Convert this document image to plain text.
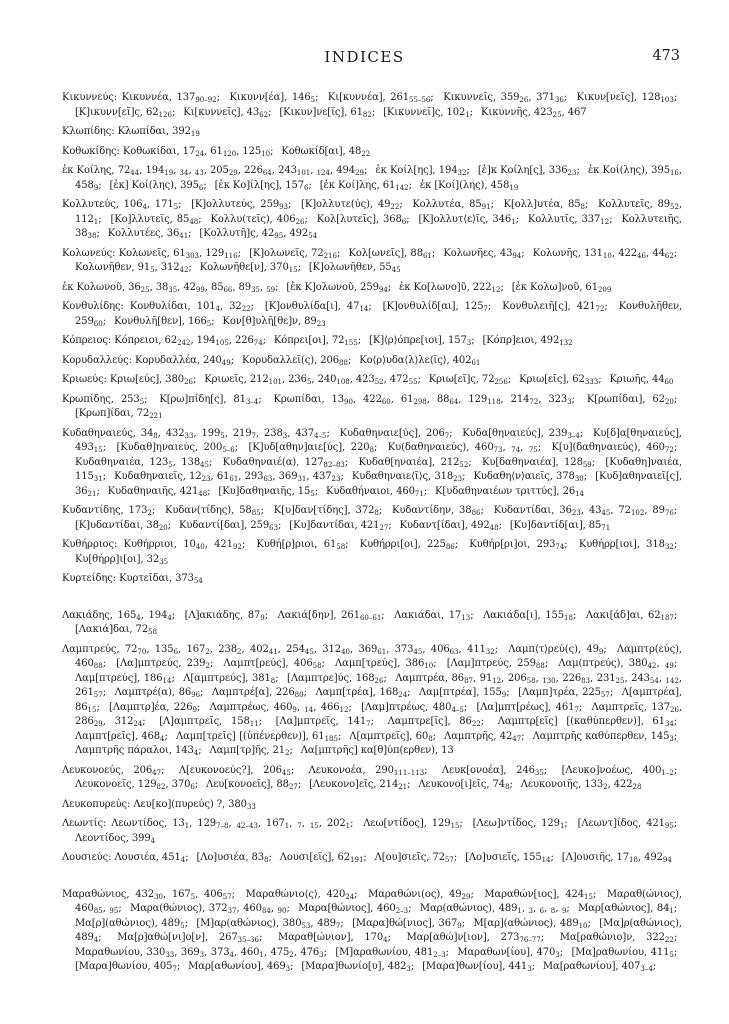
INDICES	473

Κικυννεύς: Κικυννέα, $137_{90-92}$;  Κικυνν[έα], $146_5$;  Κι[κυννέα], $261_{55-56}$;  Κικυννεῖς, $359_{26}$, $371_{36}$;  Κικυν[νεῖς], $128_{103}$;  [Κ]ικυνν[εῖ]ς, $62_{126}$;  Κι[κυννεῖς], $43_{62}$;  [Κικυν]νε[ῖς], $61_{82}$;  [Κικυννεῖ]ς, $102_1$;  Κικυννῆς, $423_{25}$, 467

Κλωπίδης: Κλωπίδαι, $392_{19}$

Κοθωκίδης: Κοθωκίδαι, $17_{24}$, $61_{120}$, $125_{10}$;  Κοθωκίδ[αι], $48_{22}$

ἐκ Κοίλης, $72_{44}$, $194_{19}$, $_{34}$, $_{43}$, $205_{29}$, $226_{64}$, $243_{101}$, $_{124}$, $494_{29}$;  ἐκ Κοίλ[ης], $194_{32}$;  [ἐ]κ Κοίλη[ς], $336_{23}$;  ἐκ Κοί(λης), $395_{16}$, $458_9$;  [ἐκ] Κοί(λης), $395_6$;  [ἐκ Κο]ίλ[ης], $157_6$;  [ἐκ Κοί]λης, $61_{142}$;  ἐκ [Κοί](λης), $458_{19}$

Κολλυτεύς, $106_4$, $171_5$;  [Κ]ολλυτεύς, $259_{93}$;  [Κ]ολλυτε(ύς), $49_{22}$;  Κολλυτέα, $85_{91}$;  Κ[ολλ]υτέα, $85_8$;  Κολλυτεῖς, $89_{52}$, $112_1$;  [Κο]λλυτεῖς, $85_{48}$;  Κολλυ(τεῖς), $406_{26}$;  Κολ[λυτεῖς], $368_6$;  [Κ]ολλυτ⟨ε⟩ῖς, $346_1$;  Κολλυτῖς, $337_{12}$;  Κολλυτειῆς, $38_{38}$;  Κολλυτέες, $36_{41}$;  [Κολλυτῆ]ς, $42_{95}$, $492_{54}$

Κολωνεύς: Κολωνεῖς, $61_{303}$, $129_{116}$;  [Κ]ολωνεῖς, $72_{216}$;  Κολ[ωνεῖς], $88_{61}$;  Κολωνῆες, $43_{94}$;  Κολωνῆς, $131_{10}$, $422_{46}$, $44_{62}$;  Κολωνῆθεν, $91_5$, $312_{42}$;  Κολωνῆθε[ν], $370_{15}$;  [Κ]ολωνῆθεν, $55_{45}$

ἐκ Κολωνοῦ, $36_{25}$, $38_{35}$, $42_{99}$, $85_{66}$, $89_{35}$, $_{59}$;  [ἐκ Κ]ολωνοῦ, $259_{94}$;  ἐκ Κο[λωνο]ῦ, $222_{12}$;  [ἐκ Κολω]νοῦ, $61_{209}$

Κονθυλίδης: Κονθυλίδαι, $101_4$, $32_{22}$;  [Κ]ονθυλίδα[ι], $47_{14}$;  [Κ]ονθυλίδ[αι], $125_7$;  Κονθυλειῆ[ς], $421_{72}$;  Κονθυλῆθεν, $259_{60}$;  Κονθυλῆ[θεν], $166_5$;  Κον[θ]υλῆ[θε]ν, $89_{23}$

Κόπρειος: Κόπρειοι, $62_{242}$, $194_{105}$, $226_{74}$;  Κόπρει[οι], $72_{155}$;  [Κ]⟨ρ⟩όπρε[ιοι], $157_3$;  [Κόπρ]ειοι, $492_{132}$

Κορυδαλλεύς: Κορυδαλλέα, $240_{49}$;  Κορυδαλλεῖ(ς), $206_{88}$;  Κο⟨ρ⟩υδα⟨λ⟩λε⟨ῖς⟩, $402_{61}$

Κριωεύς: Κριω[εύς], $380_{26}$;  Κριωεῖς, $212_{101}$, $236_5$, $240_{108}$, $423_{52}$, $472_{55}$;  Κριω[εῖ]ς, $72_{256}$;  Κριω[εῖς], $62_{333}$;  Κριωῆς, $44_{60}$

Κρωπίδης, $253_5$;  Κ[ρω]πίδη[ς], $81_{3-4}$;  Κρωπίδαι, $13_{90}$, $422_{60}$, $61_{298}$, $88_{64}$, $129_{118}$, $214_{72}$, $323_3$;  Κ[ρωπίδαι], $62_{20}$;  [Κρωπ]ίδαι, $72_{221}$

Κυδαθηναιεύς, $34_8$, $432_{33}$, $199_5$, $219_7$, $238_3$, $437_{4-5}$;  Κυδαθηναιε[ύς], $206_7$;  Κυδα[θηναιεύς], $239_{3-4}$;  Κυ[δ]α[θηναιεύς], $493_{15}$;  [Κυδαθ]ηναιεύς, $200_{5-6}$;  [Κ]υδ[αθην]αιε[ύς], $220_8$;  Κυ(δαθηναιεύς), $460_{73}$, $_{74}$, $_{75}$;  Κ[υ](δαθηναιεύς), $460_{72}$;  Κυδαθηναιέα, $123_5$, $138_{45}$;  Κυδαθηναιέ(α), $127_{82-83}$;  Κυδαθ[ηναιέα], $212_{52}$;  Κυ[δαθηναιέα], $128_{59}$;  [Κυδαθη]ναιέα, $115_{31}$;  Κυδαθηναιεῖς, $12_{23}$, $61_{61}$, $293_{63}$, $369_{31}$, $437_{23}$;  Κυδαθηναιε⟨ῖ⟩ς, $318_{23}$;  Κυδαθη⟨ν⟩αιεῖς, $378_{30}$;  [Κυδ]αθηναιεῖ[ς], $36_{21}$;  Κυδαθηναιῆς, $421_{48}$;  [Κυ]δαθηναιῆς, $15_5$;  Κυδαθήναιοι, $460_{71}$;  Κ[υδαθηναιέων τριττύς], $26_{14}$

Κυδαντίδης, $173_2$;  Κυδαν(τίδης), $58_{85}$;  Κ[υ]δαν[τίδης], $372_8$;  Κυδαντίδην, $38_{86}$;  Κυδαντίδαι, $36_{23}$, $43_{45}$, $72_{102}$, $89_{76}$;  [Κ]υδαντίδαι, $38_{20}$;  Κυδαντί[δαι], $259_{63}$;  [Κυ]δαντίδαι, $421_{27}$;  Κυδαντ[ίδαι], $492_{48}$;  [Κυ]δαντίδ[αι], $85_{71}$

Κυθήρριος: Κυθήρριοι, $10_{40}$, $421_{92}$;  Κυθή[ρ]ριοι, $61_{58}$;  Κυθήρρι[οι], $225_{86}$;  Κυθήρ[ρι]οι, $293_{74}$;  Κυθήρρ[ιοι], $318_{32}$;  Κυ[θήρρ]ι[οι], $32_{35}$

Κυρτείδης: Κυρτεῖδαι, $373_{54}$

Λακιάδης, $165_4$, $194_4$;  [Λ]ακιάδης, $87_9$;  Λακιά[δην], $261_{60-61}$;  Λακιάδαι, $17_{13}$;  Λακιάδα[ι], $155_{18}$;  Λακι[άδ]αι, $62_{187}$;  [Λακιά]δαι, $72_{58}$

Λαμπτρεύς, $72_{70}$, $135_6$, $167_2$, $238_2$, $402_{41}$, $254_{45}$, $312_{40}$, $369_{61}$, $373_{45}$, $406_{63}$, $411_{32}$;  Λαμπ⟨τ⟩ρεύ(ς), $49_9$;  Λαμπτρ(εύς), $460_{88}$;  [Λα]μπτρεύς, $239_2$;  Λαμπτ[ρεύς], $406_{58}$;  Λαμπ[τρεύς], $386_{10}$;  [Λαμ]πτρεύς, $259_{88}$;  Λαμ(πτρεύς), $380_{42}$, $_{49}$;  Λαμ[πτρεύς], $186_{14}$;  Λ[αμπτρεύς], $381_8$;  [Λαμπτρε]ύς, $168_{26}$;  Λαμπτρέα, $86_{87}$, $91_{12}$, $206_{58}$, $_{130}$, $226_{83}$, $231_{25}$, $243_{54}$, $_{142}$, $261_{57}$;  Λαμπτρέ(α), $86_{96}$;  Λαμπτρέ[α], $226_{80}$;  Λαμπ[τρέα], $168_{24}$;  Λαμ[πτρέα], $155_9$;  [Λαμπ]τρέα, $225_{57}$;  Λ[αμπτρέα], $86_{15}$;  [Λαμπτρ]έα, $226_9$;  Λαμπτρέως, $460_9$, $_{14}$, $466_{12}$;  [Λαμ]πτρέως, $480_{4-5}$;  [Λα]μπτ[ρέως], $461_7$;  Λαμπτρεῖς, $137_{26}$, $286_{29}$, $312_{24}$;  [Λ]αμπτρεῖς, $158_{11}$;  [Λα]μπτρεῖς, $141_7$;  Λαμπτρε[ῖς], $86_{22}$;  Λαμπτρ[εῖς] [(καθύπερθεν)], $61_{34}$;  Λαμπτ[ρεῖς], $468_4$;  Λαμπ[τρεῖς] [(ὑπένερθεν)], $61_{185}$;  Λ[αμπτρεῖς], $60_8$;  Λαμπτρῆς, $42_{47}$;  Λαμπτρῆς καθύπερθεν, $145_3$;  Λαμπτρῆς πάραλοι, $143_4$;  Λαμπ[τρ]ῆς, $21_2$;  Λα[μπτρῆς] κα[θ]ύπ(ερθεν), 13

Λευκονοεύς, $206_{47}$;  Λ[ευκονοεύς?], $206_{45}$;  Λευκονοέα, $290_{111-113}$;  Λευκ[ονοέα], $246_{35}$;  [Λευκο]νοέως, $400_{1-2}$;  Λευκονοεῖς, $129_{82}$, $370_6$;  Λευ[κονοεῖς], $88_{27}$;  [Λευκονο]εῖς, $214_{21}$;  Λευκονο[ι]εῖς, $74_8$;  Λευκονοιῆς, $133_2$, $422_{28}$

Λευκοπυρεύς: Λευ[κο](πυρεύς) ?, $380_{33}$

Λεωντίς: Λεωντίδος, $13_1$, $129_{7-8}$, $_{42-43}$, $167_1$, $_7$, $_{15}$, $202_1$;  Λεω[ντίδος], $129_{15}$;  [Λεω]ντίδος, $129_1$;  [Λεωντ]ίδος, $421_{95}$;  Λεοντίδος, $399_4$

Λουσιεύς: Λουσιέα, $451_4$;  [Λο]υσιέα, $83_8$;  Λουσι[εῖς], $62_{191}$;  Λ[ου]σιεῖς, $72_{57}$;  [Λο]υσιεῖς, $155_{14}$;  [Λ]ουσιῆς, $17_{18}$, $492_{94}$

Μαραθώνιος, $432_{30}$, $167_5$, $406_{57}$;  Μαραθώνιο⟨ς⟩, $420_{24}$;  Μαραθώνι(ος), $49_{29}$;  Μαραθών[ιος], $424_{15}$;  Μαραθ(ώνιος), $460_{85}$, $_{95}$;  Μαρα(θώνιος), $372_{37}$, $460_{84}$, $_{90}$;  Μαρα[θώνιος], $460_{2-3}$;  Μαρ(αθώνιος), $489_1$, $_3$, $_6$, $_8$, $_9$;  Μαρ[αθώνιος], $84_1$;  Μα[ρ](αθώνιος), $489_5$;  [Μ]αρ(αθώνιος), $380_{53}$, $489_7$;  [Μαρα]θώ[νιος], $367_9$;  Μ[αρ](αθώνιος), $489_{10}$;  [Μα]ρ(αθώνιος), $489_4$;  Μα[ρ]αθώ[νι]ο[ν], $267_{35-36}$;  Μαραθ[ώνιον], $170_4$;  Μαρ[αθώ]ν[ιον], $273_{76-77}$;  Μα[ραθώνιο]ν, $322_{22}$;  Μαραθωνίου, $330_{33}$, $369_3$, $373_4$, $460_1$, $475_2$, $476_3$;  [Μ]αραθωνίου, $481_{2-3}$;  Μαραθων[ίου], $470_3$;  [Μα]ραθωνίου, $411_5$;  [Μαρα]θωνίου, $405_7$;  Μαρ[αθωνίου], $469_3$;  [Μαρα]θωνίο[υ], $482_3$;  [Μαρα]θων[ίου], $441_3$;  Μα[ραθωνίου], $407_{3-4}$;
